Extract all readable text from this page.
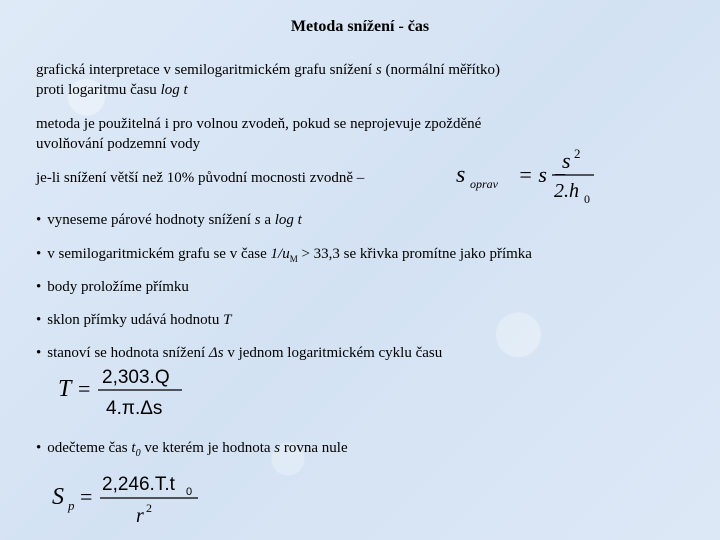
Metoda snížení - čas
grafická interpretace v semilogaritmickém grafu snížení s (normální měřítko)
proti logaritmu času log t
metoda je použitelná i pro volnou zvodeň, pokud se neprojevuje zpožděné
uvolňování podzemní vody
je-li snížení větší než 10% původní mocnosti zvodně –	s oprav = s −
s 2
2.h 0
• vyneseme párové hodnoty snížení s a log t
• v semilogaritmickém grafu se v čase $1/u_M > 33,3$ se křivka promítne jako přímka
• body proložíme přímku
• sklon přímky udává hodnotu T
• stanoví se hodnota snížení Δs v jednom logaritmickém cyklu času
T = 2,303.Q
4.π.Δs
• odečteme čas $t_0$ ve kterém je hodnota s rovna nule
S p = 2,246.T.t 0
r 2
